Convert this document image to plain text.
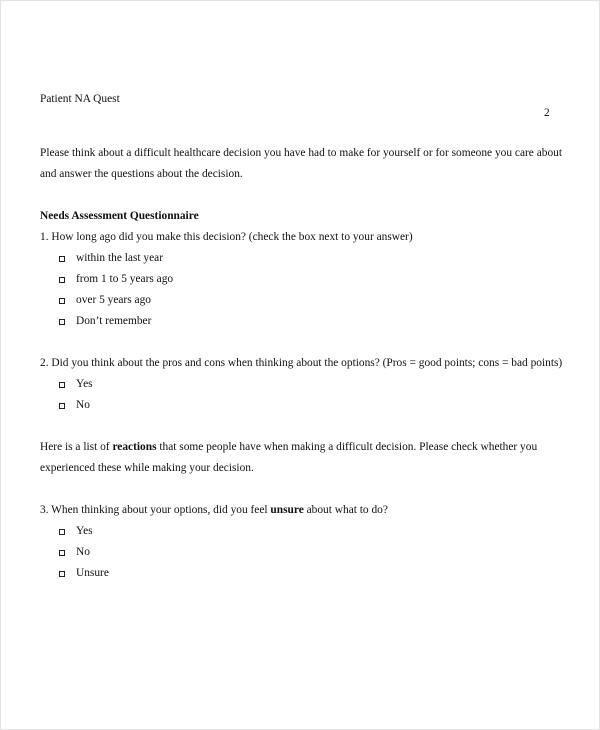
Patient NA Quest
2

Please think about a difficult healthcare decision you have had to make for yourself or for someone you care about and answer the questions about the decision.

Needs Assessment Questionnaire

1. How long ago did you make this decision? (check the box next to your answer)

within the last year
from 1 to 5 years ago
over 5 years ago
Don’t remember

2. Did you think about the pros and cons when thinking about the options? (Pros = good points; cons = bad points)

Yes
No

Here is a list of reactions that some people have when making a difficult decision. Please check whether you experienced these while making your decision.

3. When thinking about your options, did you feel unsure about what to do?

Yes
No
Unsure
